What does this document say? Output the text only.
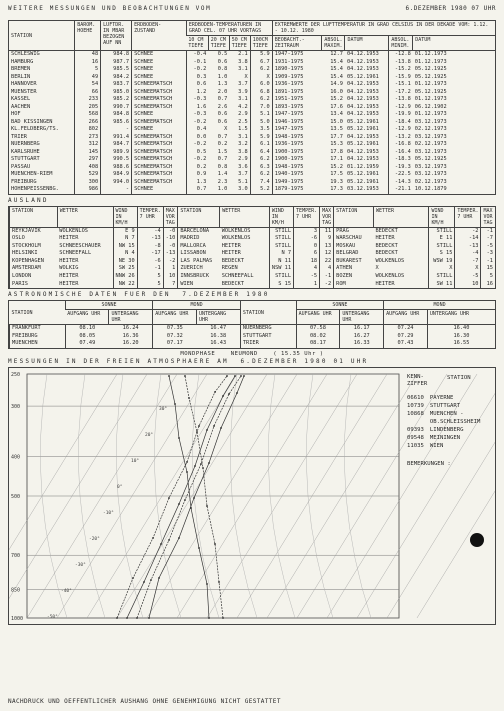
WEITERE MESSUNGEN UND BEOBACHTUNGEN VOM	6.DEZEMBER 1980 07 UHR
STATION	BAROM. HOEHE	LUFTDR. IN MBAR BEZOGEN AUF NN	ERDBODEN- ZUSTAND	ERDBODEN-TEMPERATUREN IN GRAD CEL. 07 UHR VORTAGS				EXTREMWERTE DER LUFTTEMPERATUR IN GRAD CELSIUS IN DER DEKADE VOM: 1.12. - 10.12. 1980				
				10 CM TIEFE	20 CM TIEFE	50 CM TIEFE	100CM TIEFE	BEOBACHT.- ZEITRAUM	ABSOL. MAXIM.	DATUM	ABSOL. MINIM.	DATUM
SCHLESWIG	48	984.8	SCHNEE	-0.4	0.5	2.1	5.9	1947-1975	12.7	04.12.1953	-12.8	01.12.1973
HAMBURG	16	987.7	SCHNEE	-0.1	0.6	3.8	6.7	1931-1975	15.4	04.12.1953	-13.8	01.12.1973
BREMEN	5	985.5	SCHNEE	-0.2	0.8	3.1	6.2	1890-1975	15.4	04.12.1953	-15.2	05.12.1925
BERLIN	49	984.2	SCHNEE	0.3	1.0	X	X	1909-1975	15.4	05.12.1961	-15.9	05.12.1925
HANNOVER	54	983.7	SCHNEEMATSCH	0.6	1.3	3.7	6.0	1936-1975	14.9	04.12.1953	-15.1	01.12.1973
MUENSTER	66	985.0	SCHNEEMATSCH	1.2	2.0	3.9	6.8	1891-1975	16.0	04.12.1953	-17.2	05.12.1925
KASSEL	233	985.2	SCHNEEMATSCH	-0.3	0.7	3.1	6.2	1951-1975	15.2	04.12.1953	-13.8	01.12.1973
AACHEN	205	990.7	SCHNEEMATSCH	1.6	2.6	4.2	7.0	1893-1975	17.6	04.12.1953	-12.9	06.12.1902
HOF	568	984.8	SCHNEE	-0.3	0.6	2.9	5.1	1947-1975	13.4	04.12.1953	-19.9	01.12.1973
BAD KISSINGEN	266	985.6	SCHNEEMATSCH	-0.2	0.6	2.5	5.0	1946-1975	15.0	05.12.1961	-18.4	03.12.1973
KL.FELDBERG/TS.	802	-	SCHNEE	0.4	X	1.5	3.5	1947-1975	13.5	05.12.1961	-12.9	02.12.1973
TRIER	273	991.4	SCHNEEMATSCH	0.0	0.7	3.1	5.9	1948-1975	17.7	04.12.1953	-13.2	03.12.1973
NUERNBERG	312	984.7	SCHNEEMATSCH	-0.2	0.2	3.2	6.1	1936-1975	15.3	05.12.1961	-16.8	02.12.1973
KARLSRUHE	145	989.9	SCHNEEMATSCH	0.5	1.5	3.8	6.4	1900-1975	17.8	04.12.1953	-16.4	03.12.1973
STUTTGART	297	990.5	SCHNEEMATSCH	-0.2	0.7	2.9	6.2	1900-1975	17.1	04.12.1953	-18.3	05.12.1925
PASSAU	408	988.6	SCHNEEMATSCH	0.2	0.8	3.6	6.3	1948-1975	15.2	01.12.1959	-19.3	03.12.1973
MUENCHEN-RIEM	529	984.9	SCHNEEMATSCH	0.9	1.4	3.7	6.2	1940-1975	17.5	05.12.1961	-22.5	03.12.1973
FREIBURG	300	994.0	SCHNEEMATSCH	1.3	2.3	5.1	7.4	1949-1975	19.3	05.12.1961	-14.3	02.12.1973
HOHENPEISSENBG.	986	-	SCHNEE	0.7	1.0	3.0	5.2	1879-1975	17.3	03.12.1953	-21.1	10.12.1879
AUSLAND
STATION	WETTER	WIND IN KM/H	TEMPER. 7 UHR	MAX VOR TAG	STATION	WETTER	WIND IN KM/H	TEMPER. 7 UHR	MAX VOR TAG	STATION	WETTER	WIND IN KM/H	TEMPER. 7 UHR	MAX VOR TAG
REYKJAVIK	WOLKENLOS	E 9	-4	-0	BARCELONA	WOLKENLOS	STILL	3	11	PRAG	BEDECKT	STILL	-2	-1
OSLO	HEITER	N 7	-13	-10	MADRID	WOLKENLOS	STILL	-6	9	WARSCHAU	HEITER	E 11	-14	-7
STOCKHOLM	SCHNEESCHAUER	NW 15	-8	-0	MALLORCA	HEITER	STILL	0	13	MOSKAU	BEDECKT	STILL	-13	-5
HELSINKI	SCHNEEFALL	N 4	-17	-13	LISSABON	HEITER	N 7	6	12	BELGRAD	BEDECKT	S 15	-4	-3
KOPENHAGEN	HEITER	NE 30	-6	-2	LAS PALMAS	BEDECKT	N 11	18	22	BUKAREST	WOLKENLOS	WSW 19	-7	-1
AMSTERDAM	WOLKIG	SW 25	-1	1	ZUERICH	REGEN	NSW 11	4	4	ATHEN	X	X	X	15
LONDON	HEITER	NNW 26	5	10	INNSBRUCK	SCHNEEFALL	STILL	-5	-1	BOZEN	WOLKENLOS	STILL	-5	5
PARIS	HEITER	NW 22	5	7	WIEN	BEDECKT	S 15	1	-2	ROM	HEITER	SW 11	10	16
ASTRONOMISCHE DATEN FUER DEN 7.DEZEMBER 1980
STATION	SONNE		MOND		STATION	SONNE		MOND	
	AUFGANG UHR	UNTERGANG UHR	AUFGANG UHR	UNTERGANG UHR		AUFGANG UHR	UNTERGANG UHR	AUFGANG UHR	UNTERGANG UHR
FRANKFURT	08.10	16.24	07.35	16.47	NUERNBERG	07.58	16.17	07.24	16.40
FREIBURG	08.05	16.36	07.32	16.38	STUTTGART	08.02	16.27	07.29	16.30
MUENCHEN	07.49	16.20	07.17	16.43	TRIER	08.17	16.33	07.43	16.55
MONDPHASE	NEUMOND	( 15.35 Uhr )
MESSUNGEN IN DER FREIEN ATMOSPHAERE AM 6.DEZEMBER 1980 01 UHR
250
300
400
500
700
850
1000	-50°
-40°
-30°
-20°
-10°
0°
10°
20°
30°
KENN- ZIFFER
STATION
06610 PAYERNE
10739 STUTTGART
10868 MUENCHEN - OB.SCHLEISSHEIM
09393 LINDENBERG
09548 MEININGEN
11035 WIEN
BEMERKUNGEN :
NACHDRUCK UND OEFFENTLICHER AUSHANG OHNE GENEHMIGUNG NICHT GESTATTET
